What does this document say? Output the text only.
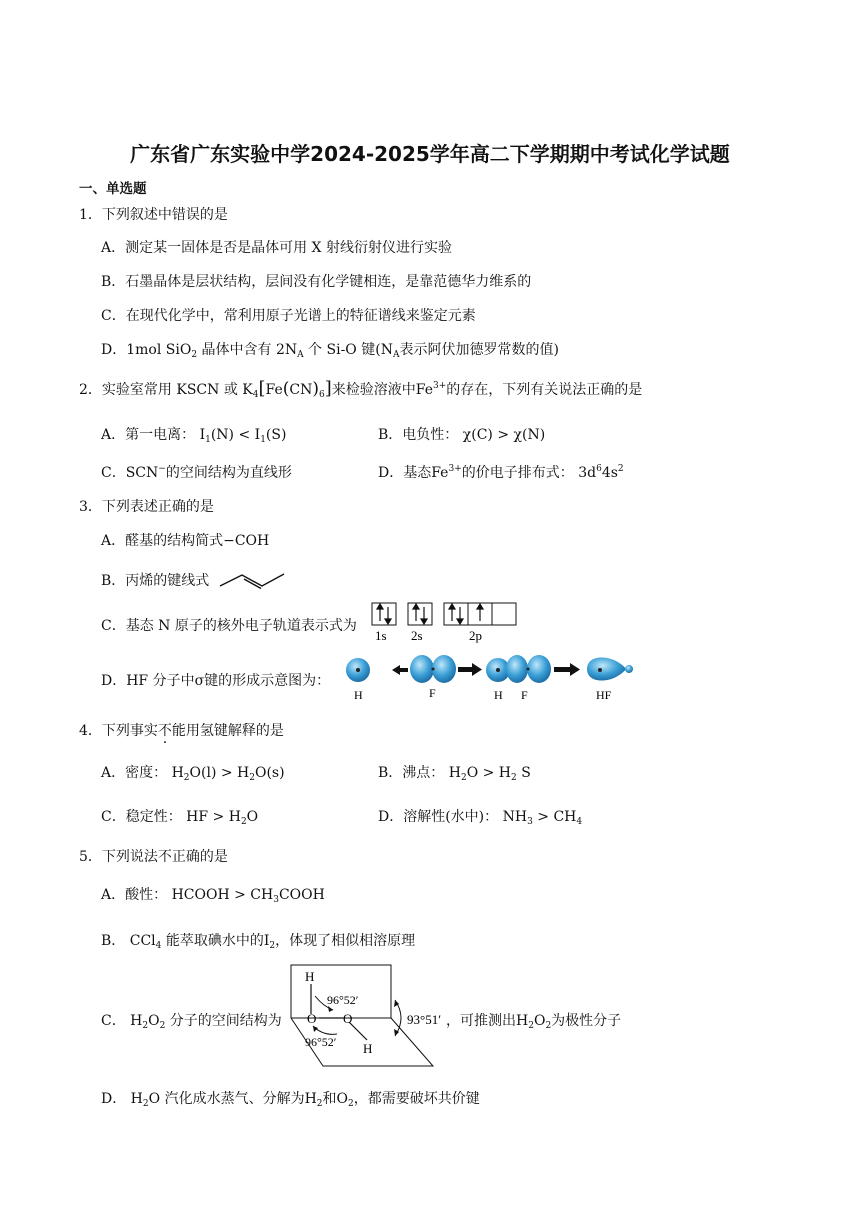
广东省广东实验中学2024-2025学年高二下学期期中考试化学试题
一、单选题
1．下列叙述中错误的是
A．测定某一固体是否是晶体可用 X 射线衍射仪进行实验
B．石墨晶体是层状结构，层间没有化学键相连，是靠范德华力维系的
C．在现代化学中，常利用原子光谱上的特征谱线来鉴定元素
D．1mol SiO$_2$ 晶体中含有 $2N_A$ 个 Si-O 键($N_A$表示阿伏加德罗常数的值)
2．实验室常用 KSCN 或 $K_4[Fe(CN)_6]$来检验溶液中$Fe^{3+}$的存在，下列有关说法正确的是
A．第一电离： $I_1(N) < I_1(S)$	B．电负性： χ(C) > χ(N)
C．SCN−的空间结构为直线形	D．基态$Fe^{3+}$的价电子排布式： $3d^64s^2$
3．下列表述正确的是
A．醛基的结构简式−COH
B．丙烯的键线式
C．基态 N 原子的核外电子轨道表示式为
1s 2s	2p
D．HF 分子中σ键的形成示意图为：
H	F	H F	HF
4．下列事实不能用氢键解释的是
A．密度： $H_2O(l) > H_2O(s)$	B．沸点： $H_2O > H_2$ S
C．稳定性： HF > $H_2O$	D．溶解性(水中)： $NH_3 > CH_4$
5．下列说法不正确的是
A．酸性： HCOOH > $CH_3COOH$
B． CCl$_4$ 能萃取碘水中的$I_2$，体现了相似相溶原理
C． $H_2O_2$ 分子的空间结构为
H
O O
H
96°52′
96°52′
93°51′ ，可推测出$H_2O_2$为极性分子
D． $H_2O$ 汽化成水蒸气、分解为$H_2$和$O_2$，都需要破坏共价键
